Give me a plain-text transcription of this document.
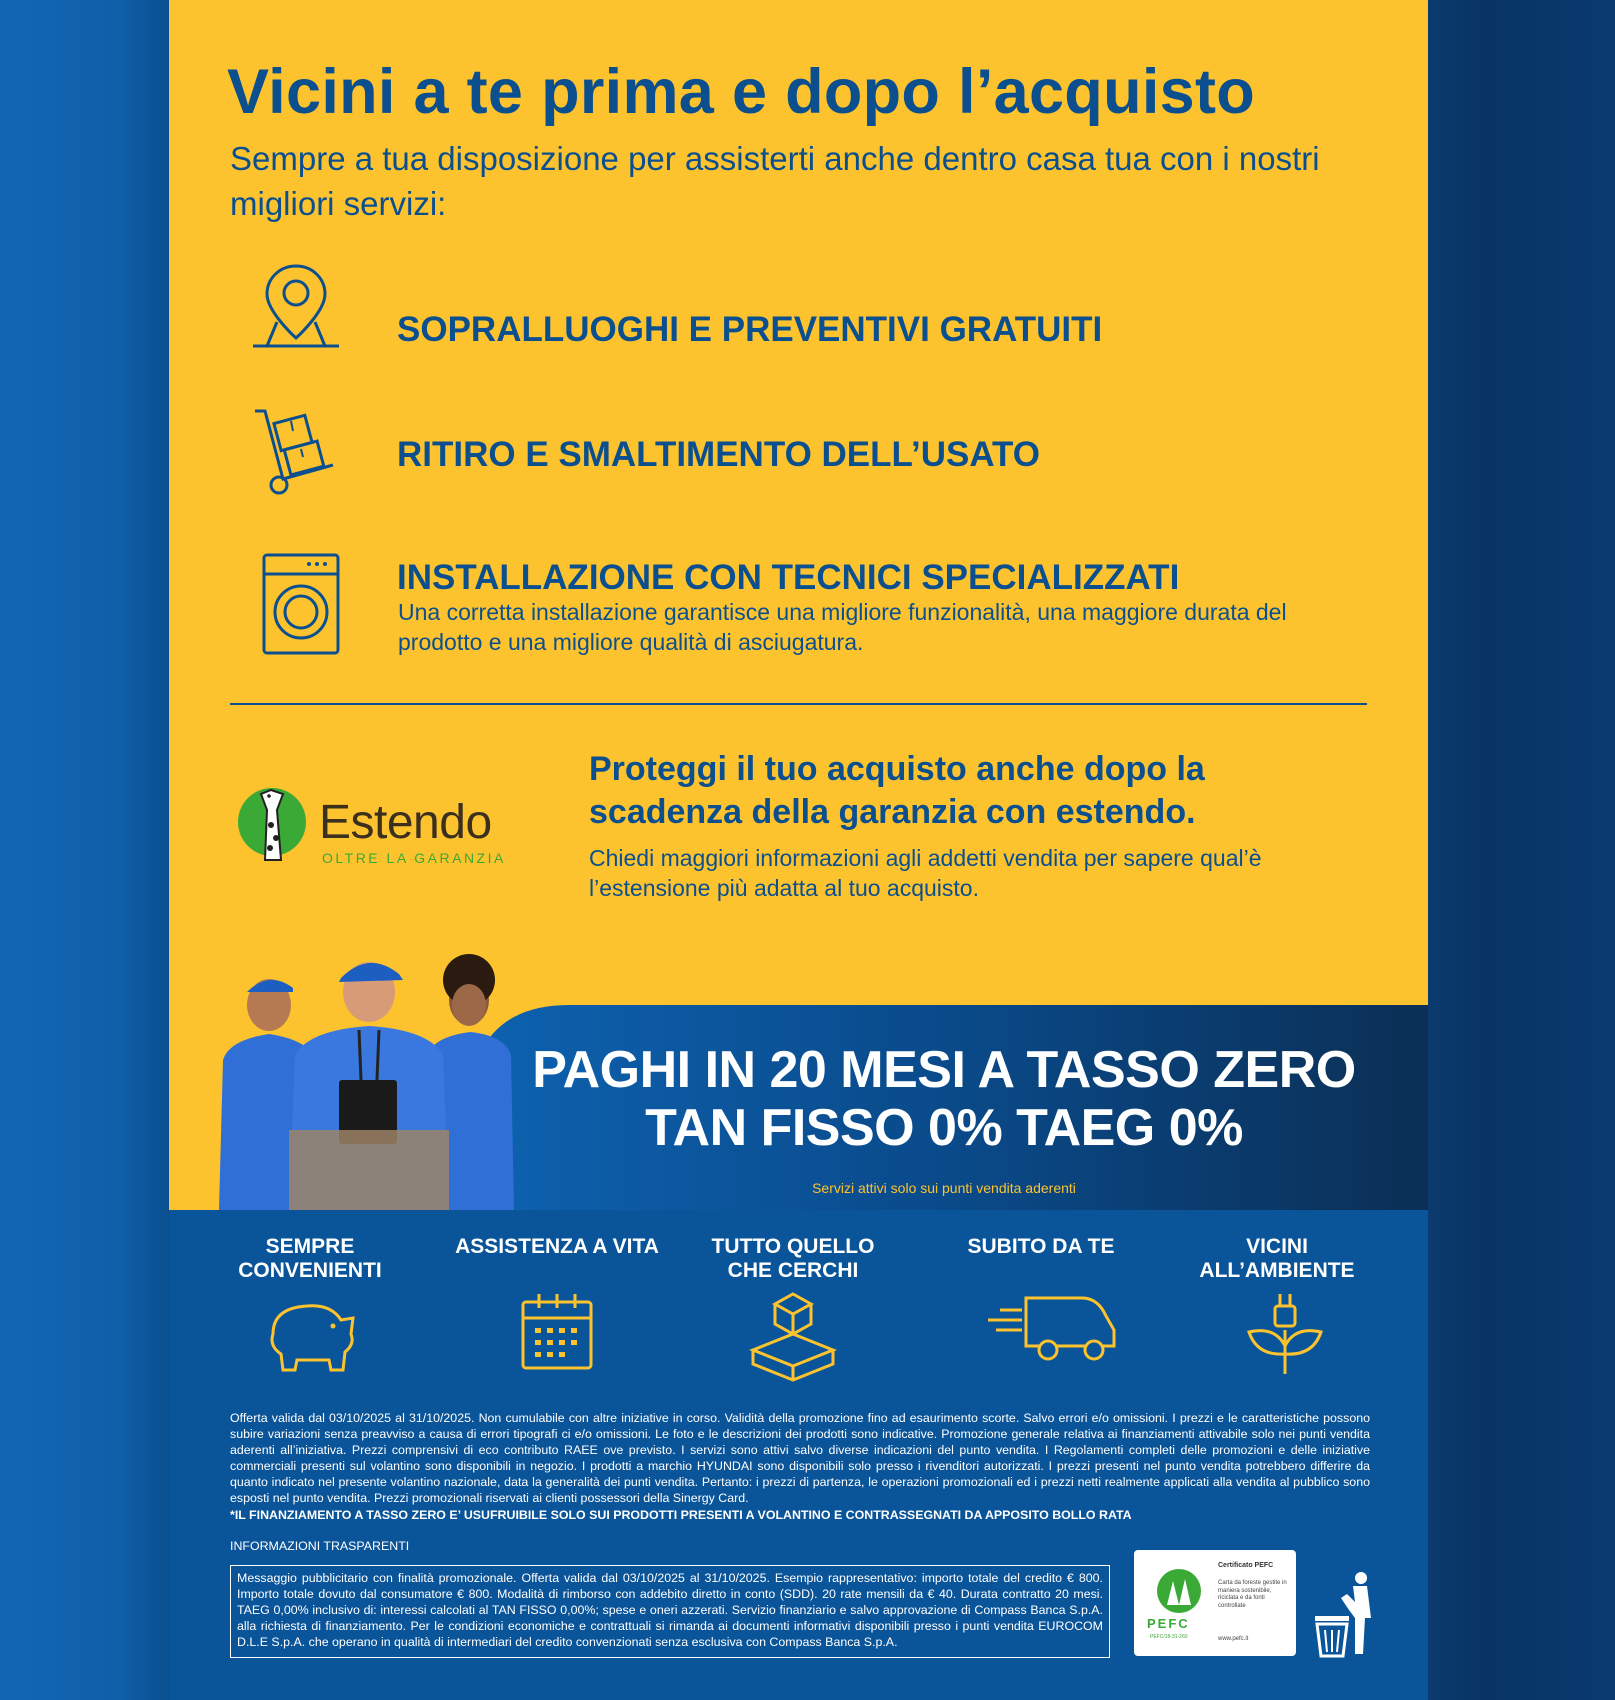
Vicini a te prima e dopo l’acquisto

Sempre a tua disposizione per assisterti anche dentro casa tua con i nostri migliori servizi:

SOPRALLUOGHI E PREVENTIVI GRATUITI
RITIRO E SMALTIMENTO DELL’USATO
INSTALLAZIONE CON TECNICI SPECIALIZZATI

Una corretta installazione garantisce una migliore funzionalità, una maggiore durata del prodotto e una migliore qualità di asciugatura.

Estendo
OLTRE LA GARANZIA
Proteggi il tuo acquisto anche dopo la scadenza della garanzia con estendo.
Chiedi maggiori informazioni agli addetti vendita per sapere qual’è l’estensione più adatta al tuo acquisto.
PAGHI IN 20 MESI A TASSO ZERO
TAN FISSO 0% TAEG 0%
Servizi attivi solo sui punti vendita aderenti
SEMPRE CONVENIENTI
ASSISTENZA A VITA	TUTTO QUELLO CHE CERCHI
SUBITO DA TE	VICINI ALL’AMBIENTE

Offerta valida dal 03/10/2025 al 31/10/2025. Non cumulabile con altre iniziative in corso. Validità della promozione fino ad esaurimento scorte. Salvo errori e/o omissioni. I prezzi e le caratteristiche possono subire variazioni senza preavviso a causa di errori tipografi ci e/o omissioni. Le foto e le descrizioni dei prodotti sono indicative. Promozione generale relativa ai finanziamenti attivabile solo nei punti vendita aderenti all’iniziativa. Prezzi comprensivi di eco contributo RAEE ove previsto. I servizi sono attivi salvo diverse indicazioni del punto vendita. I Regolamenti completi delle promozioni e delle iniziative commerciali presenti sul volantino sono disponibili in negozio. I prodotti a marchio HYUNDAI sono disponibili solo presso i rivenditori autorizzati. I prezzi presenti nel punto vendita potrebbero differire da quanto indicato nel presente volantino nazionale, data la generalità dei punti vendita. Pertanto: i prezzi di partenza, le operazioni promozionali ed i prezzi netti realmente applicati alla vendita al pubblico sono esposti nel punto vendita. Prezzi promozionali riservati ai clienti possessori della Sinergy Card.

*IL FINANZIAMENTO A TASSO ZERO E’ USUFRUIBILE SOLO SUI PRODOTTI PRESENTI A VOLANTINO E CONTRASSEGNATI DA APPOSITO BOLLO RATA

INFORMAZIONI TRASPARENTI
Messaggio pubblicitario con finalità promozionale. Offerta valida dal 03/10/2025 al 31/10/2025. Esempio rappresentativo: importo totale del credito € 800. Importo totale dovuto dal consumatore € 800. Modalità di rimborso con addebito diretto in conto (SDD). 20 rate mensili da € 40. Durata contratto 20 mesi. TAEG 0,00% inclusivo di: interessi calcolati al TAN FISSO 0,00%; spese e oneri azzerati. Servizio finanziario e salvo approvazione di Compass Banca S.p.A. alla richiesta di finanziamento. Per le condizioni economiche e contrattuali si rimanda ai documenti informativi disponibili presso i punti vendita EUROCOM D.L.E S.p.A. che operano in qualità di intermediari del credito convenzionati senza esclusiva con Compass Banca S.p.A.
PEFC
PEFC/18-31-260
Certificato PEFC
Carta da foreste gestite in maniera sostenibile, riciclata e da fonti controllate
www.pefc.it
